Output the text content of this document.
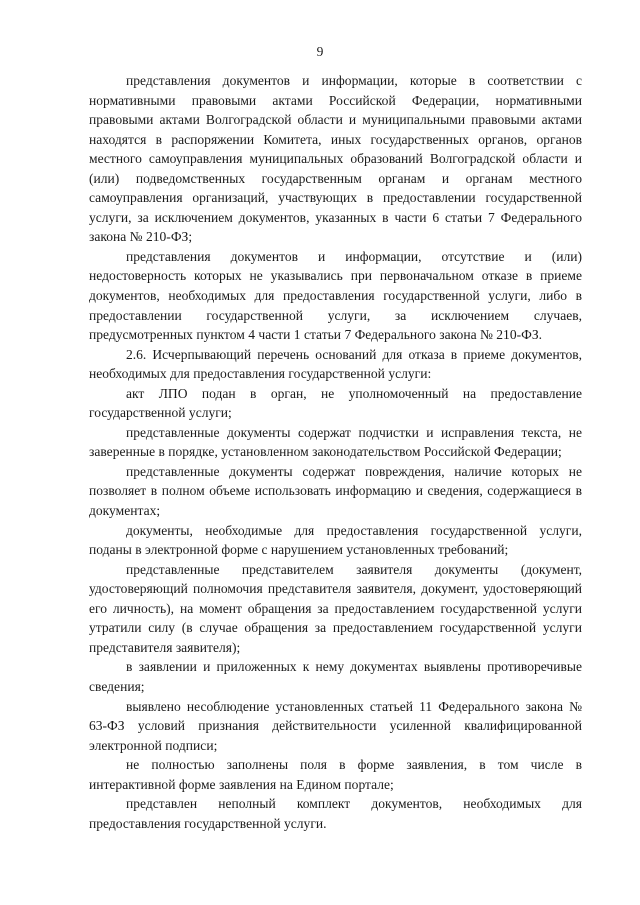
9

представления документов и информации, которые в соответствии с нормативными правовыми актами Российской Федерации, нормативными правовыми актами Волгоградской области и муниципальными правовыми актами находятся в распоряжении Комитета, иных государственных органов, органов местного самоуправления муниципальных образований Волгоградской области и (или) подведомственных государственным органам и органам местного самоуправления организаций, участвующих в предоставлении государственной услуги, за исключением документов, указанных в части 6 статьи 7 Федерального закона № 210-ФЗ;

представления документов и информации, отсутствие и (или) недостоверность которых не указывались при первоначальном отказе в приеме документов, необходимых для предоставления государственной услуги, либо в предоставлении государственной услуги, за исключением случаев, предусмотренных пунктом 4 части 1 статьи 7 Федерального закона № 210-ФЗ.

2.6. Исчерпывающий перечень оснований для отказа в приеме документов, необходимых для предоставления государственной услуги:

акт ЛПО подан в орган, не уполномоченный на предоставление государственной услуги;

представленные документы содержат подчистки и исправления текста, не заверенные в порядке, установленном законодательством Российской Федерации;

представленные документы содержат повреждения, наличие которых не позволяет в полном объеме использовать информацию и сведения, содержащиеся в документах;

документы, необходимые для предоставления государственной услуги, поданы в электронной форме с нарушением установленных требований;

представленные представителем заявителя документы (документ, удостоверяющий полномочия представителя заявителя, документ, удостоверяющий его личность), на момент обращения за предоставлением государственной услуги утратили силу (в случае обращения за предоставлением государственной услуги представителя заявителя);

в заявлении и приложенных к нему документах выявлены противоречивые сведения;

выявлено несоблюдение установленных статьей 11 Федерального закона № 63-ФЗ условий признания действительности усиленной квалифицированной электронной подписи;

не полностью заполнены поля в форме заявления, в том числе в интерактивной форме заявления на Едином портале;

представлен неполный комплект документов, необходимых для предоставления государственной услуги.
